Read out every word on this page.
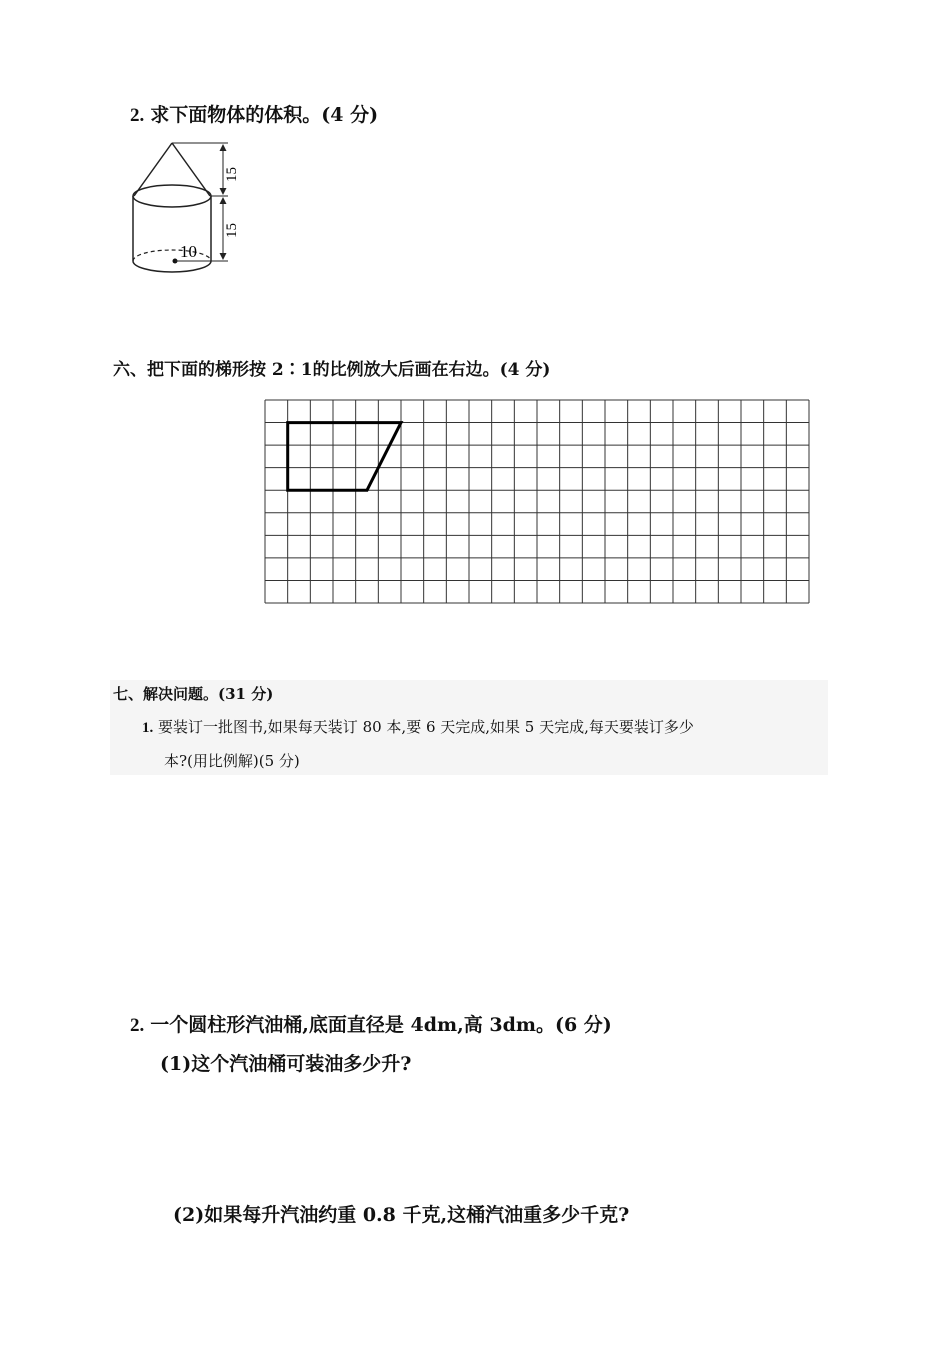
2. 求下面物体的体积。(4 分)
10
15
15
六、把下面的梯形按 2∶1的比例放大后画在右边。(4 分)
七、解决问题。(31 分)
1. 要装订一批图书,如果每天装订 80 本,要 6 天完成,如果 5 天完成,每天要装订多少
本?(用比例解)(5 分)
2. 一个圆柱形汽油桶,底面直径是 4dm,高 3dm。(6 分)
(1)这个汽油桶可装油多少升?
(2)如果每升汽油约重 0.8 千克,这桶汽油重多少千克?
